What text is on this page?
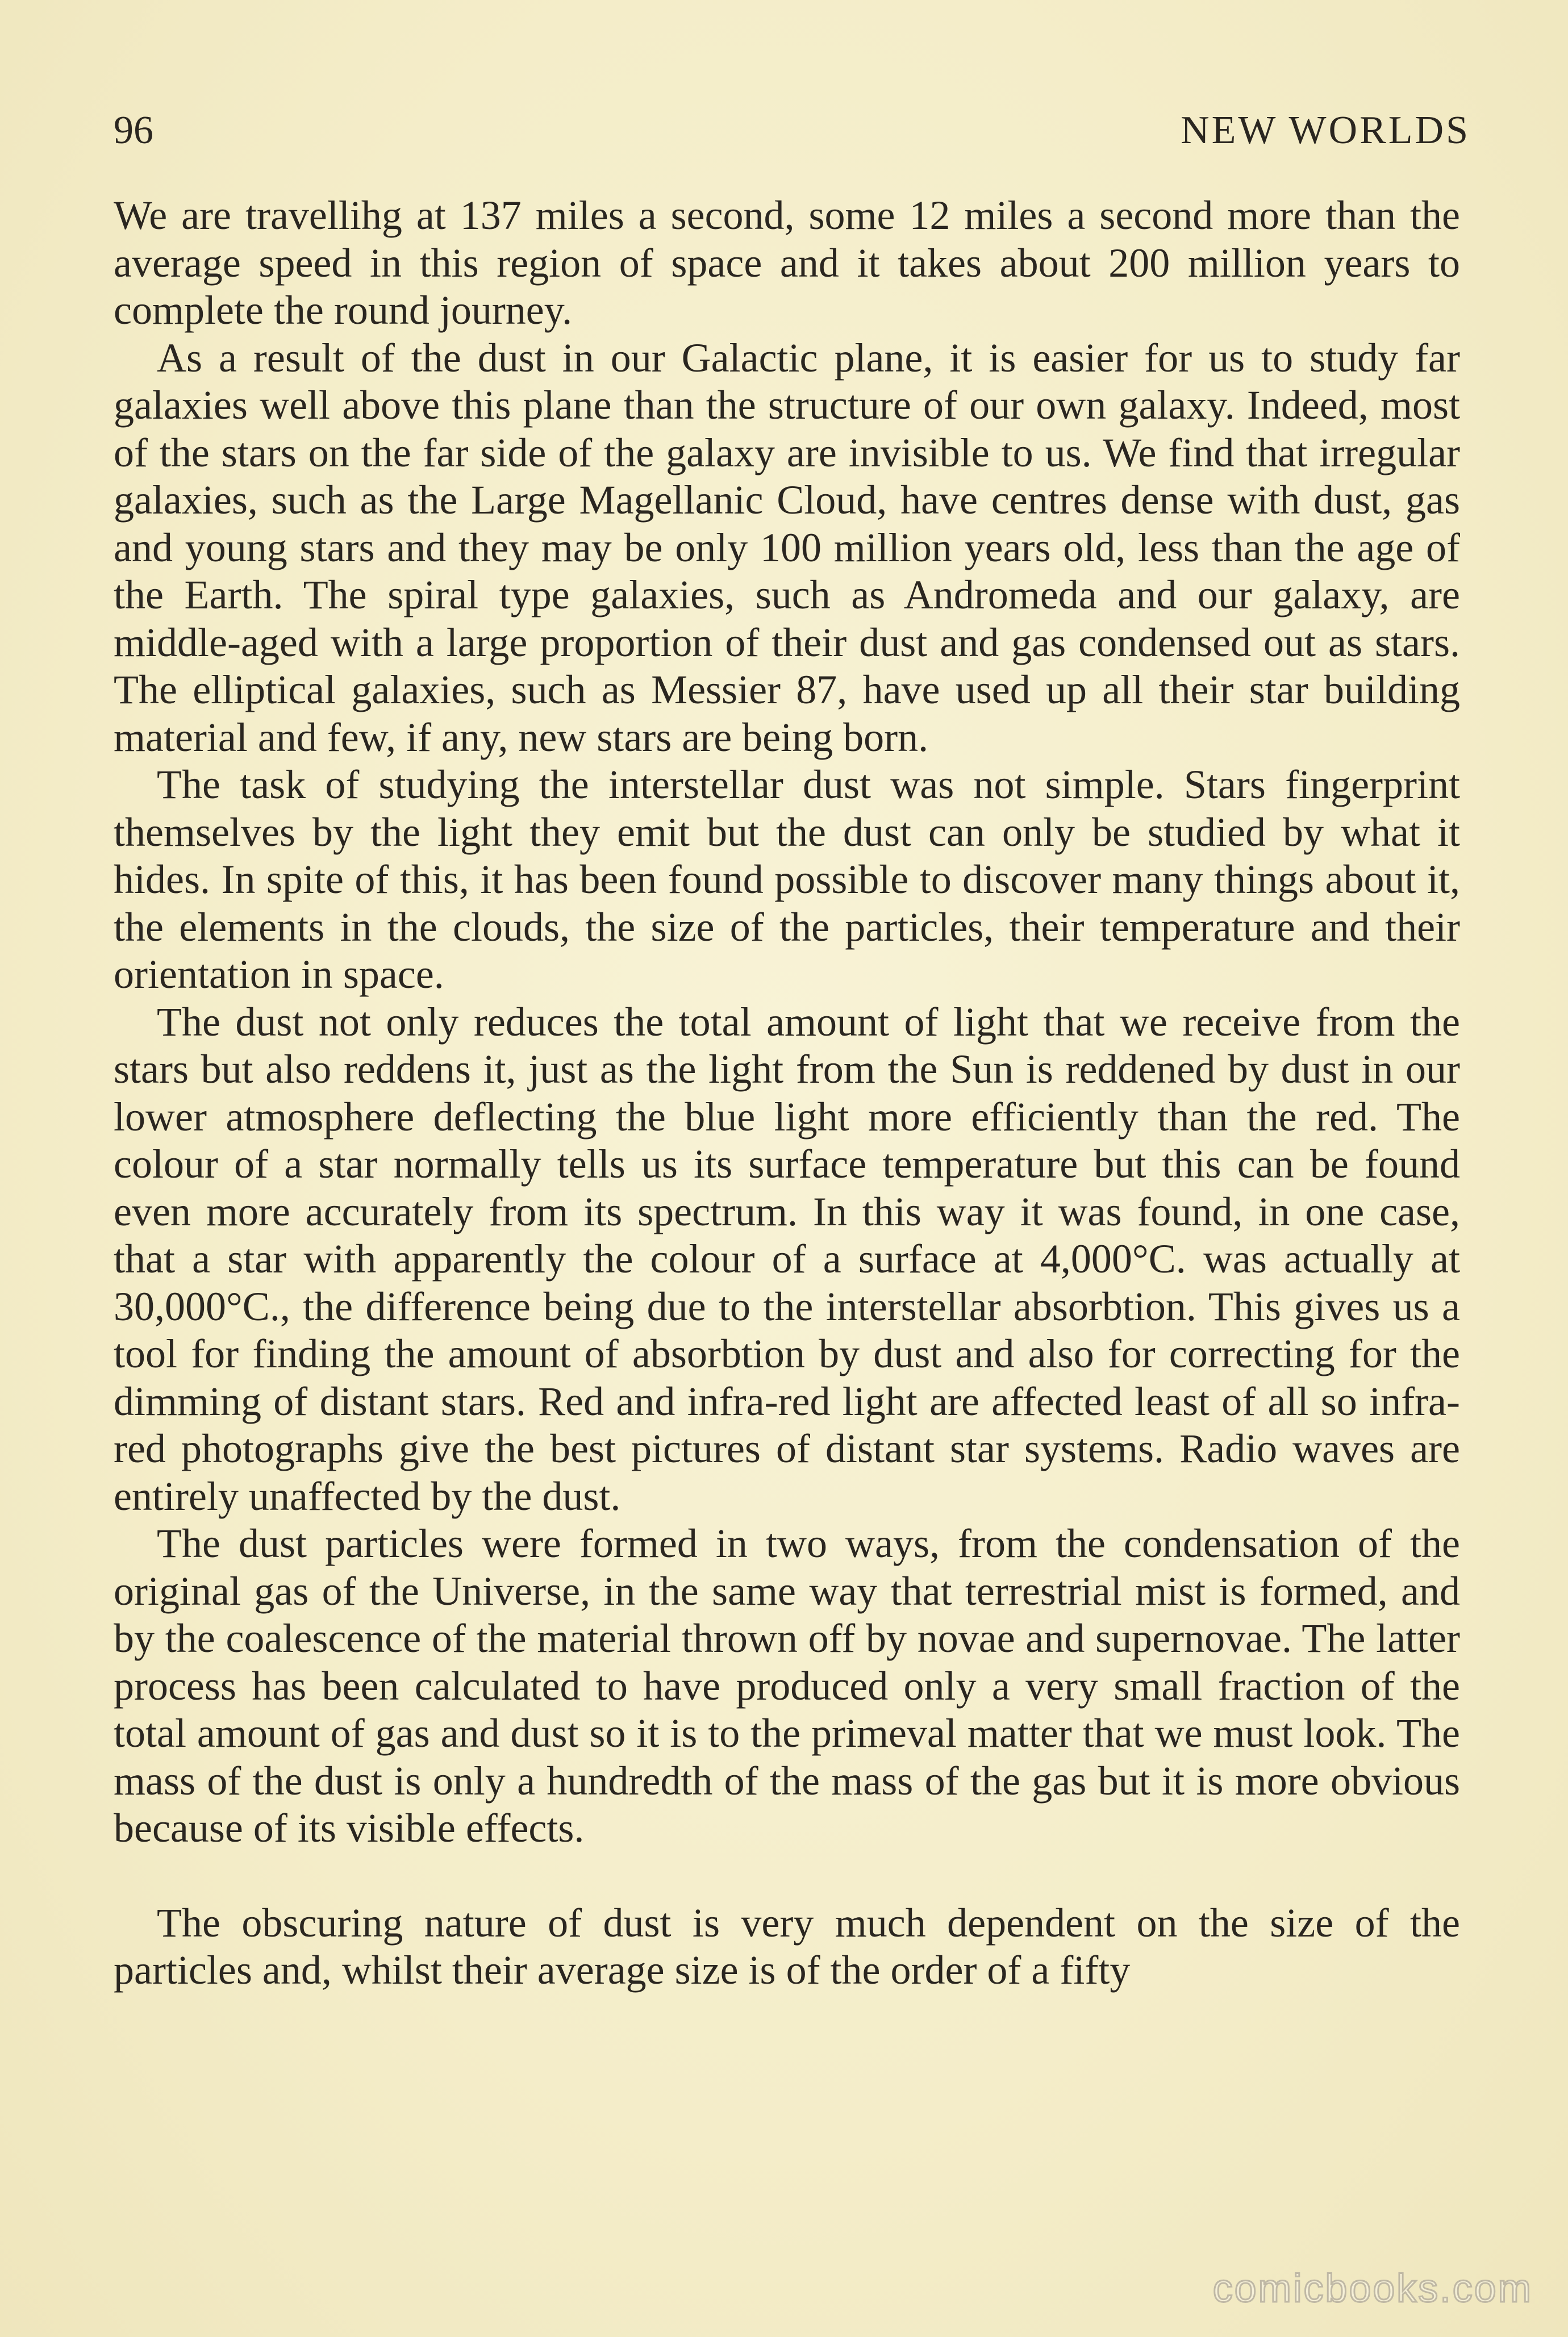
96	NEW WORLDS

We are travellihg at 137 miles a second, some 12 miles a second more than the average speed in this region of space and it takes about 200 million years to complete the round journey.

As a result of the dust in our Galactic plane, it is easier for us to study far galaxies well above this plane than the structure of our own galaxy. Indeed, most of the stars on the far side of the galaxy are invisible to us. We find that irregular galaxies, such as the Large Magellanic Cloud, have centres dense with dust, gas and young stars and they may be only 100 million years old, less than the age of the Earth. The spiral type galaxies, such as Andromeda and our galaxy, are middle-aged with a large proportion of their dust and gas condensed out as stars. The elliptical galaxies, such as Messier 87, have used up all their star building material and few, if any, new stars are being born.

The task of studying the interstellar dust was not simple. Stars fingerprint themselves by the light they emit but the dust can only be studied by what it hides. In spite of this, it has been found possible to discover many things about it, the elements in the clouds, the size of the particles, their temperature and their orientation in space.

The dust not only reduces the total amount of light that we receive from the stars but also reddens it, just as the light from the Sun is reddened by dust in our lower atmosphere deflecting the blue light more efficiently than the red. The colour of a star normally tells us its surface temperature but this can be found even more accurately from its spectrum. In this way it was found, in one case, that a star with apparently the colour of a surface at 4,000°C. was actually at 30,000°C., the difference being due to the interstellar absorbtion. This gives us a tool for finding the amount of absorbtion by dust and also for correcting for the dimming of distant stars. Red and infra-red light are affected least of all so infra-red photographs give the best pictures of distant star systems. Radio waves are entirely unaffected by the dust.

The dust particles were formed in two ways, from the condensation of the original gas of the Universe, in the same way that terrestrial mist is formed, and by the coalescence of the material thrown off by novae and supernovae. The latter process has been calculated to have produced only a very small fraction of the total amount of gas and dust so it is to the primeval matter that we must look. The mass of the dust is only a hundredth of the mass of the gas but it is more obvious because of its visible effects.

The obscuring nature of dust is very much dependent on the size of the particles and, whilst their average size is of the order of a fifty

comicbooks.com
